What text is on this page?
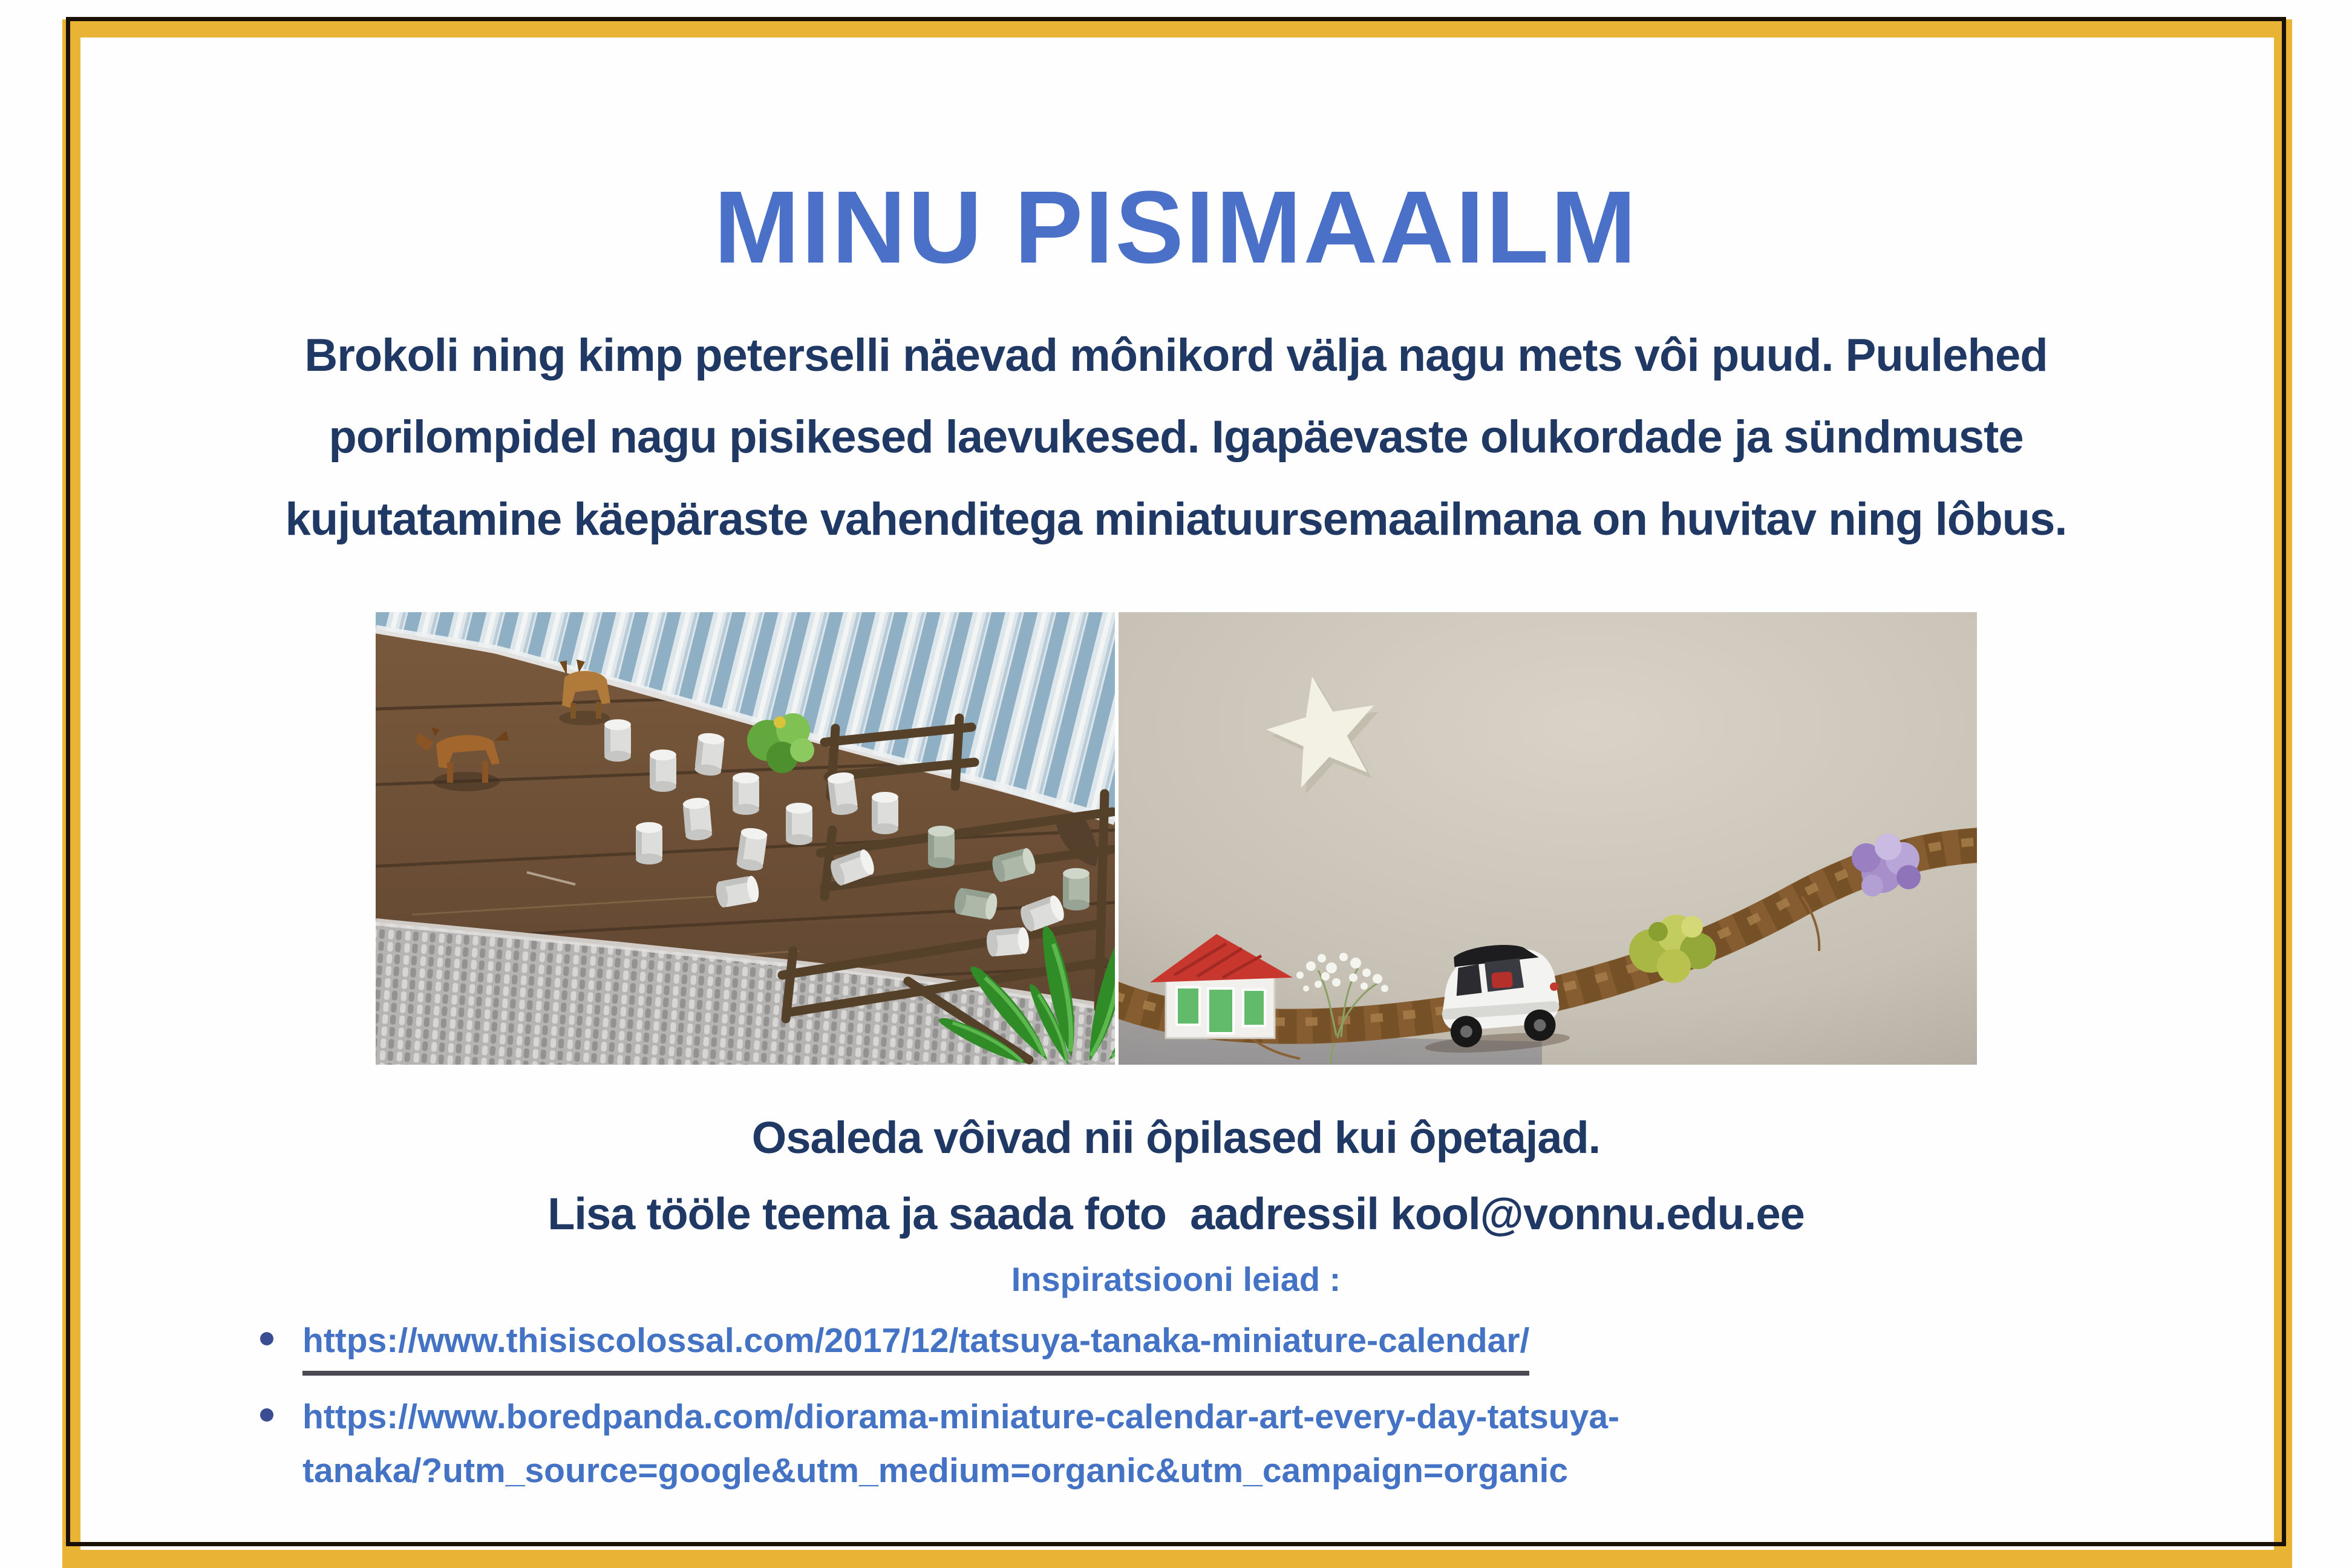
MINU PISIMAAILM
Brokoli ning kimp peterselli näevad mônikord välja nagu mets vôi puud. Puulehed
porilompidel nagu pisikesed laevukesed. Igapäevaste olukordade ja sündmuste
kujutatamine käepäraste vahenditega miniatuursemaailmana on huvitav ning lôbus.
Osaleda vôivad nii ôpilased kui ôpetajad.
Lisa tööle teema ja saada foto  aadressil kool@vonnu.edu.ee
Inspiratsiooni leiad :
https://www.thisiscolossal.com/2017/12/tatsuya-tanaka-miniature-calendar/
https://www.boredpanda.com/diorama-miniature-calendar-art-every-day-tatsuya-
tanaka/?utm_source=google&utm_medium=organic&utm_campaign=organic
